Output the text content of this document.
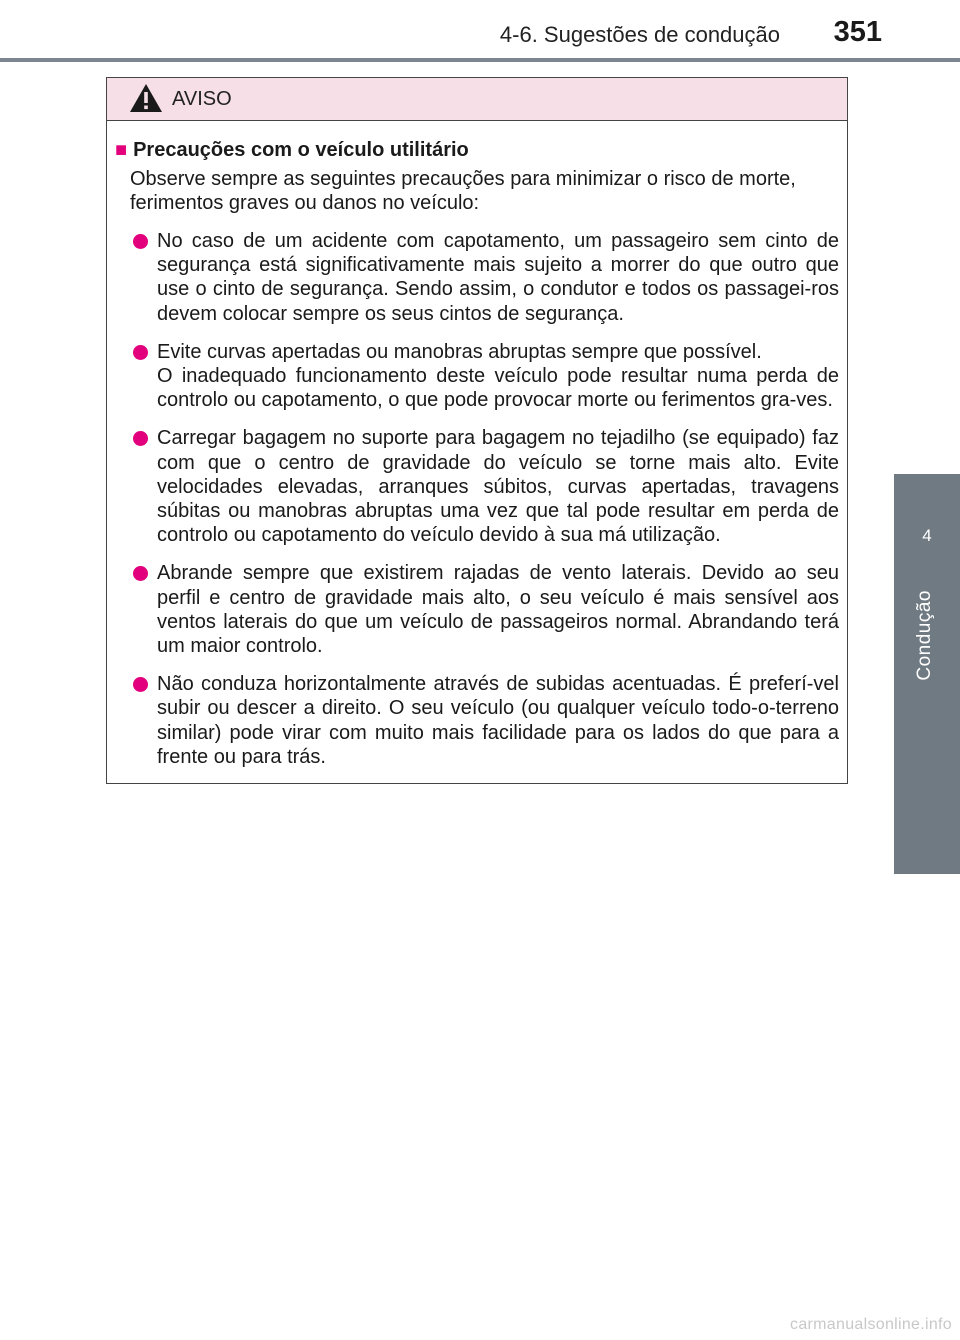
4-6. Sugestões de condução 351
4
Condução
AVISO
■ Precauções com o veículo utilitário
Observe sempre as seguintes precauções para minimizar o risco de morte, ferimentos graves ou danos no veículo:
No caso de um acidente com capotamento, um passageiro sem cinto de segurança está significativamente mais sujeito a morrer do que outro que use o cinto de segurança. Sendo assim, o condutor e todos os passagei-ros devem colocar sempre os seus cintos de segurança.
Evite curvas apertadas ou manobras abruptas sempre que possível.
O inadequado funcionamento deste veículo pode resultar numa perda de controlo ou capotamento, o que pode provocar morte ou ferimentos gra-ves.
Carregar bagagem no suporte para bagagem no tejadilho (se equipado) faz com que o centro de gravidade do veículo se torne mais alto. Evite velocidades elevadas, arranques súbitos, curvas apertadas, travagens súbitas ou manobras abruptas uma vez que tal pode resultar em perda de controlo ou capotamento do veículo devido à sua má utilização.
Abrande sempre que existirem rajadas de vento laterais. Devido ao seu perfil e centro de gravidade mais alto, o seu veículo é mais sensível aos ventos laterais do que um veículo de passageiros normal. Abrandando terá um maior controlo.
Não conduza horizontalmente através de subidas acentuadas. É preferí-vel subir ou descer a direito. O seu veículo (ou qualquer veículo todo-o-terreno similar) pode virar com muito mais facilidade para os lados do que para a frente ou para trás.
carmanualsonline.info
